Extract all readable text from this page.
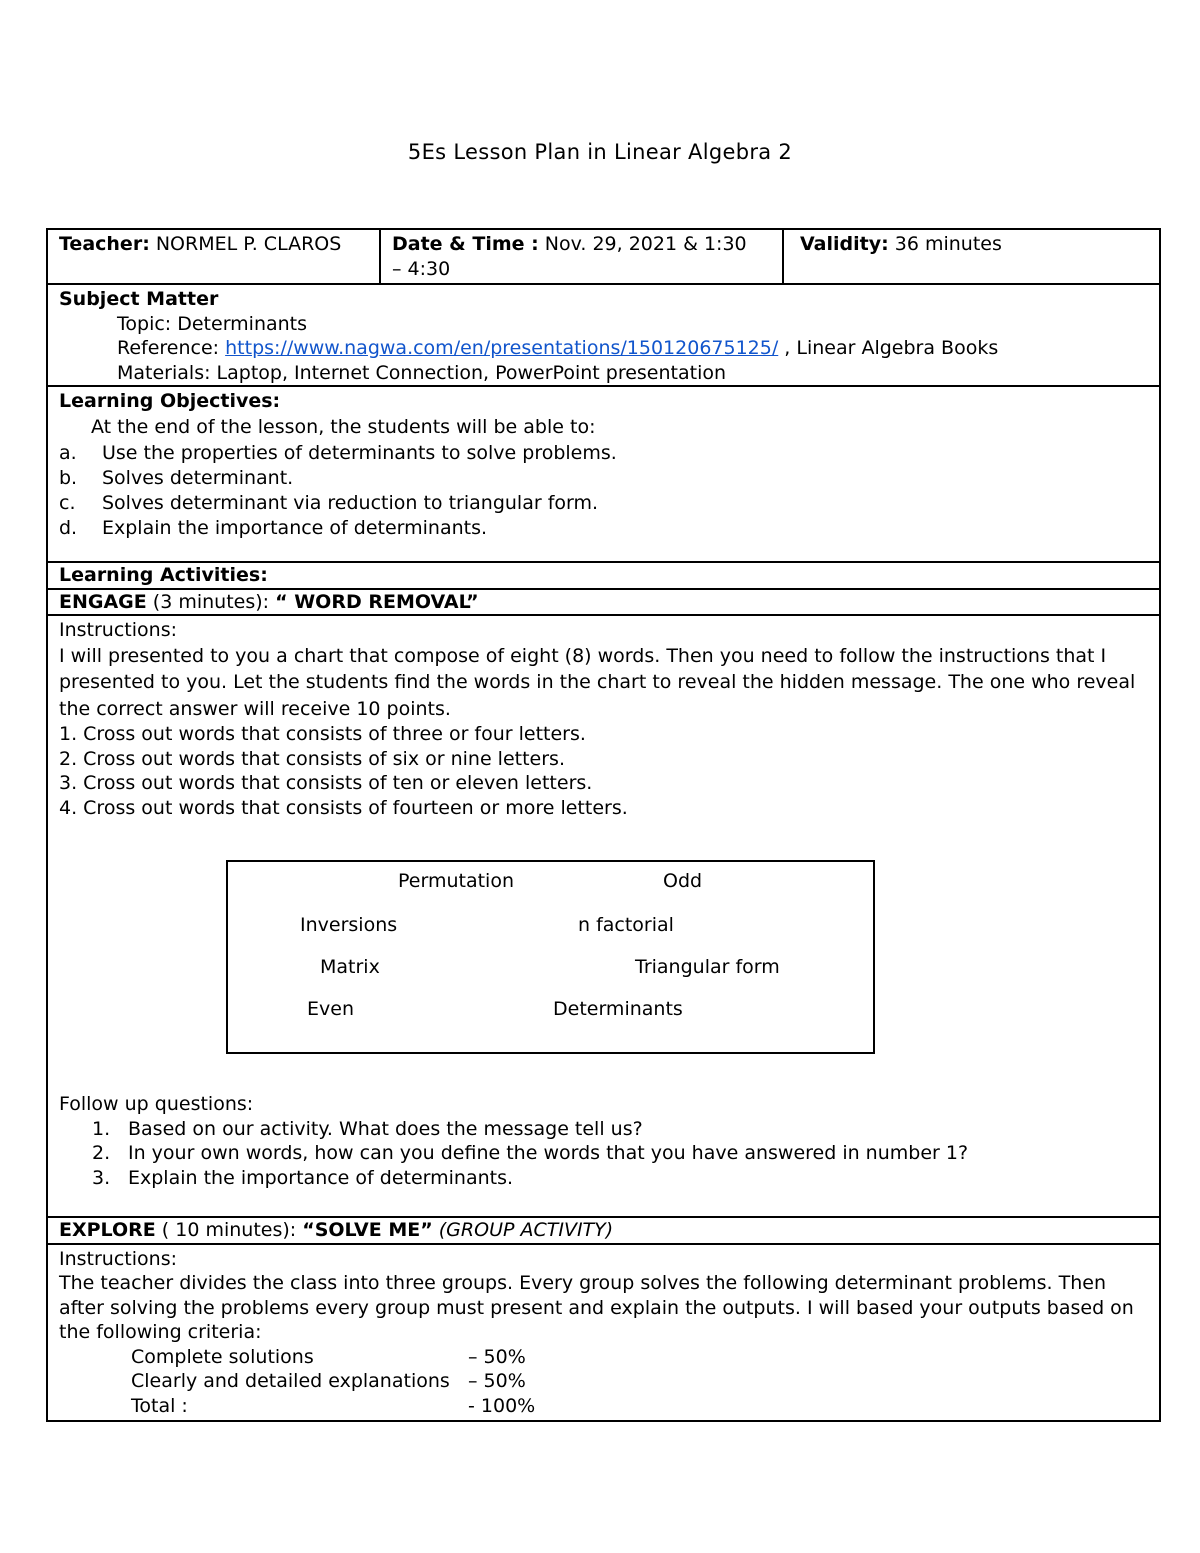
5Es Lesson Plan in Linear Algebra 2
Teacher: NORMEL P. CLAROS	Date & Time : Nov. 29, 2021 & 1:30 – 4:30	Validity: 36 minutes

Subject Matter
Topic: Determinants
Reference: https://www.nagwa.com/en/presentations/150120675125/ , Linear Algebra Books
Materials: Laptop, Internet Connection, PowerPoint presentation

Learning Objectives:
At the end of the lesson, the students will be able to:
a.	Use the properties of determinants to solve problems.
b.	Solves determinant.
c.	Solves determinant via reduction to triangular form.
d.	Explain the importance of determinants.

Learning Activities:
ENGAGE (3 minutes): “ WORD REMOVAL”

Instructions:
I will presented to you a chart that compose of eight (8) words. Then you need to follow the instructions that I presented to you. Let the students find the words in the chart to reveal the hidden message. The one who reveal the correct answer will receive 10 points.
1. Cross out words that consists of three or four letters.
2. Cross out words that consists of six or nine letters.
3. Cross out words that consists of ten or eleven letters.
4. Cross out words that consists of fourteen or more letters.
Permutation	Odd
Inversions	n factorial
Matrix	Triangular form
Even	Determinants
Follow up questions:
1. Based on our activity. What does the message tell us?
2. In your own words, how can you define the words that you have answered in number 1?
3. Explain the importance of determinants.

EXPLORE ( 10 minutes): “SOLVE ME” (GROUP ACTIVITY)

Instructions:
The teacher divides the class into three groups. Every group solves the following determinant problems. Then after solving the problems every group must present and explain the outputs. I will based your outputs based on the following criteria:
Complete solutions	– 50%
Clearly and detailed explanations – 50%
Total :	- 100%
